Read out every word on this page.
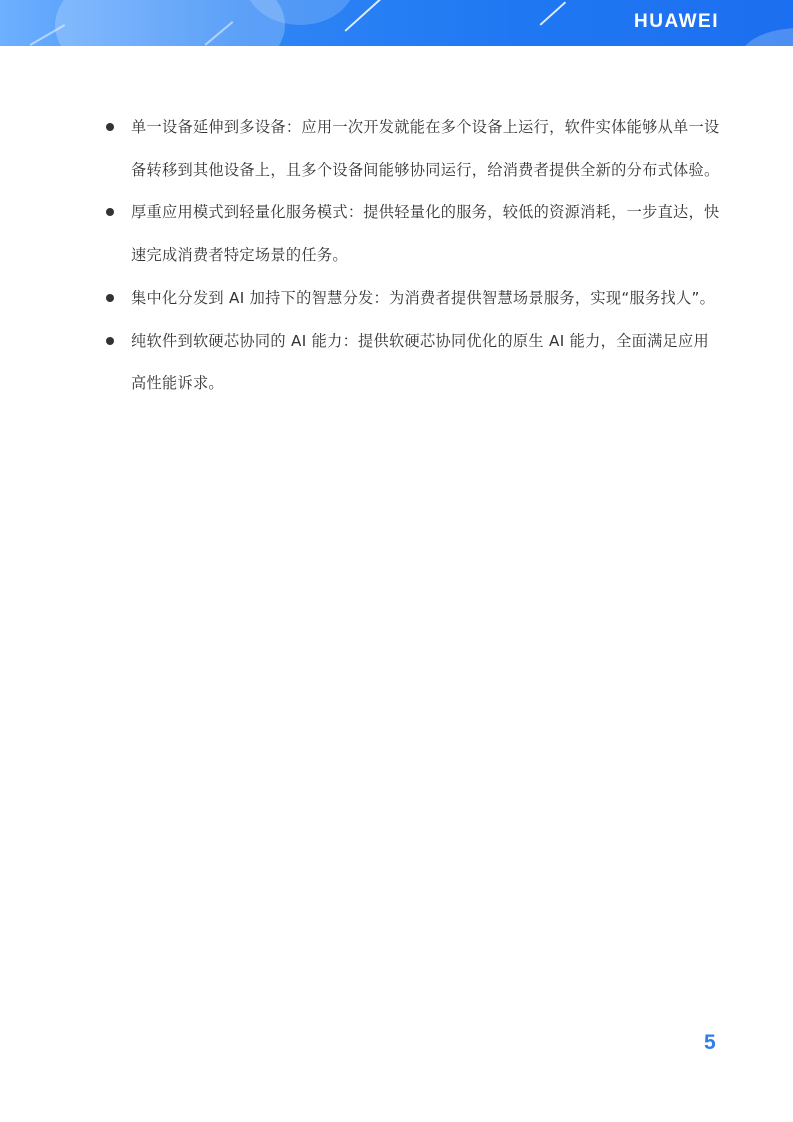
HUAWEI
单一设备延伸到多设备：应用一次开发就能在多个设备上运行，软件实体能够从单一设备转移到其他设备上，且多个设备间能够协同运行，给消费者提供全新的分布式体验。
厚重应用模式到轻量化服务模式：提供轻量化的服务，较低的资源消耗，一步直达，快速完成消费者特定场景的任务。
集中化分发到 AI 加持下的智慧分发：为消费者提供智慧场景服务，实现“服务找人”。
纯软件到软硬芯协同的 AI 能力：提供软硬芯协同优化的原生 AI 能力，全面满足应用高性能诉求。
5
